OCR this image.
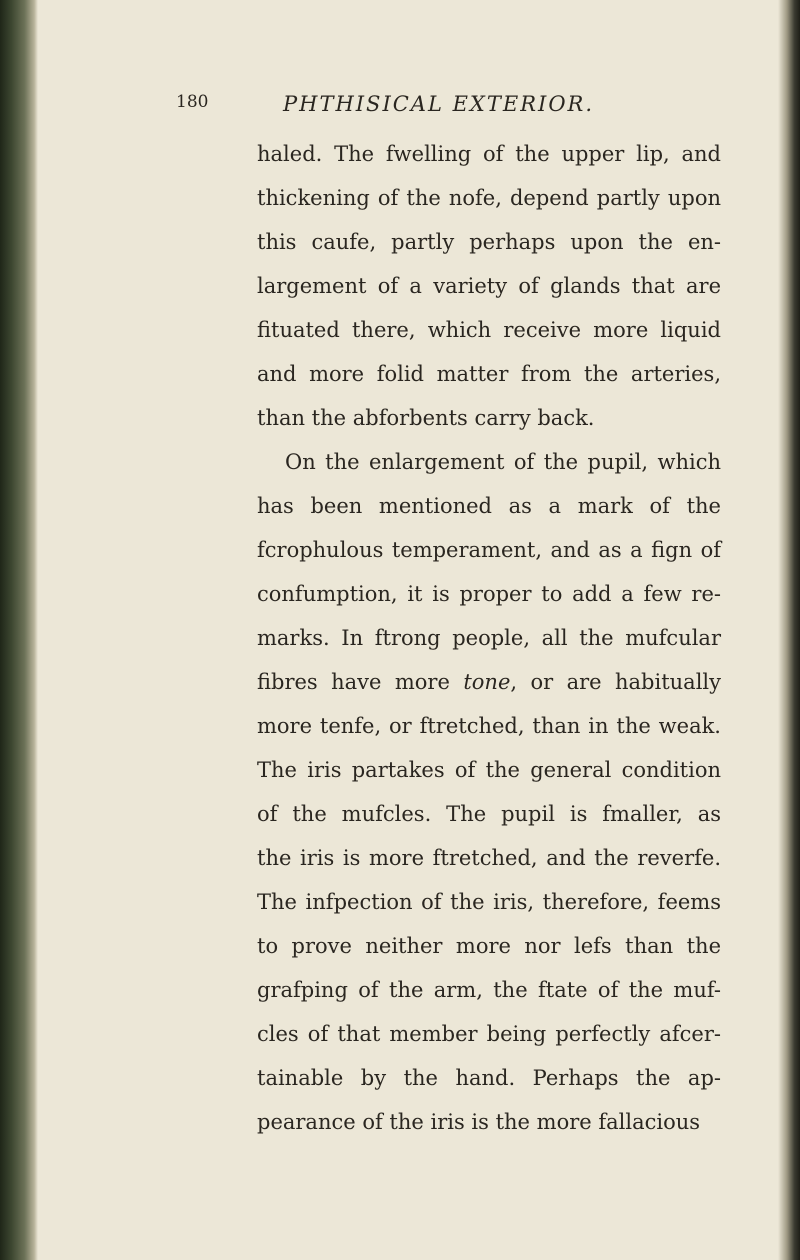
180	PHTHISICAL EXTERIOR.
haled. The fwelling of the upper lip, and
thickening of the nofe, depend partly upon
this caufe, partly perhaps upon the en-
largement of a variety of glands that are
fituated there, which receive more liquid
and more folid matter from the arteries,
than the abforbents carry back.
On the enlargement of the pupil, which
has been mentioned as a mark of the
fcrophulous temperament, and as a fign of
confumption, it is proper to add a few re-
marks. In ftrong people, all the mufcular
fibres have more tone, or are habitually
more tenfe, or ftretched, than in the weak.
The iris partakes of the general condition
of the mufcles. The pupil is fmaller, as
the iris is more ftretched, and the reverfe.
The infpection of the iris, therefore, feems
to prove neither more nor lefs than the
grafping of the arm, the ftate of the muf-
cles of that member being perfectly afcer-
tainable by the hand. Perhaps the ap-
pearance of the iris is the more fallacious
